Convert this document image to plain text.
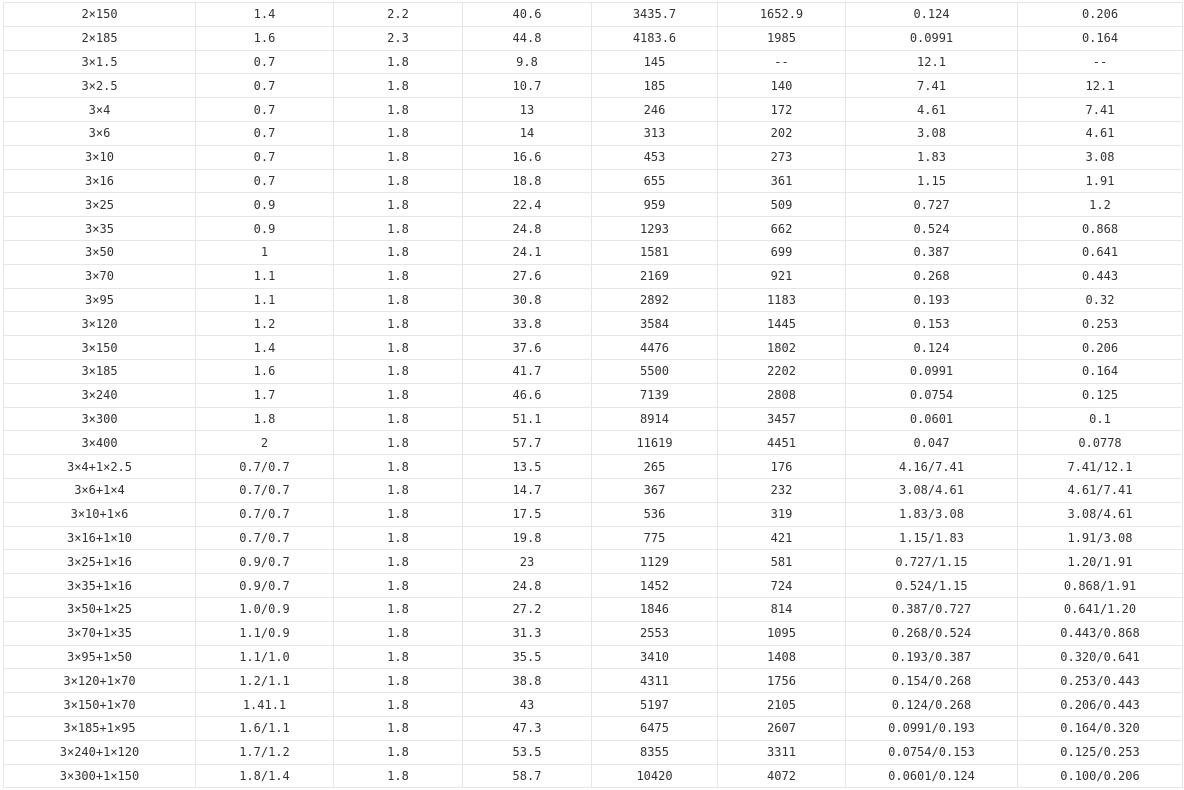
2×150	1.4	2.2	40.6	3435.7	1652.9	0.124	0.206
2×185	1.6	2.3	44.8	4183.6	1985	0.0991	0.164
3×1.5	0.7	1.8	9.8	145	--	12.1	--
3×2.5	0.7	1.8	10.7	185	140	7.41	12.1
3×4	0.7	1.8	13	246	172	4.61	7.41
3×6	0.7	1.8	14	313	202	3.08	4.61
3×10	0.7	1.8	16.6	453	273	1.83	3.08
3×16	0.7	1.8	18.8	655	361	1.15	1.91
3×25	0.9	1.8	22.4	959	509	0.727	1.2
3×35	0.9	1.8	24.8	1293	662	0.524	0.868
3×50	1	1.8	24.1	1581	699	0.387	0.641
3×70	1.1	1.8	27.6	2169	921	0.268	0.443
3×95	1.1	1.8	30.8	2892	1183	0.193	0.32
3×120	1.2	1.8	33.8	3584	1445	0.153	0.253
3×150	1.4	1.8	37.6	4476	1802	0.124	0.206
3×185	1.6	1.8	41.7	5500	2202	0.0991	0.164
3×240	1.7	1.8	46.6	7139	2808	0.0754	0.125
3×300	1.8	1.8	51.1	8914	3457	0.0601	0.1
3×400	2	1.8	57.7	11619	4451	0.047	0.0778
3×4+1×2.5	0.7/0.7	1.8	13.5	265	176	4.16/7.41	7.41/12.1
3×6+1×4	0.7/0.7	1.8	14.7	367	232	3.08/4.61	4.61/7.41
3×10+1×6	0.7/0.7	1.8	17.5	536	319	1.83/3.08	3.08/4.61
3×16+1×10	0.7/0.7	1.8	19.8	775	421	1.15/1.83	1.91/3.08
3×25+1×16	0.9/0.7	1.8	23	1129	581	0.727/1.15	1.20/1.91
3×35+1×16	0.9/0.7	1.8	24.8	1452	724	0.524/1.15	0.868/1.91
3×50+1×25	1.0/0.9	1.8	27.2	1846	814	0.387/0.727	0.641/1.20
3×70+1×35	1.1/0.9	1.8	31.3	2553	1095	0.268/0.524	0.443/0.868
3×95+1×50	1.1/1.0	1.8	35.5	3410	1408	0.193/0.387	0.320/0.641
3×120+1×70	1.2/1.1	1.8	38.8	4311	1756	0.154/0.268	0.253/0.443
3×150+1×70	1.41.1	1.8	43	5197	2105	0.124/0.268	0.206/0.443
3×185+1×95	1.6/1.1	1.8	47.3	6475	2607	0.0991/0.193	0.164/0.320
3×240+1×120	1.7/1.2	1.8	53.5	8355	3311	0.0754/0.153	0.125/0.253
3×300+1×150	1.8/1.4	1.8	58.7	10420	4072	0.0601/0.124	0.100/0.206
